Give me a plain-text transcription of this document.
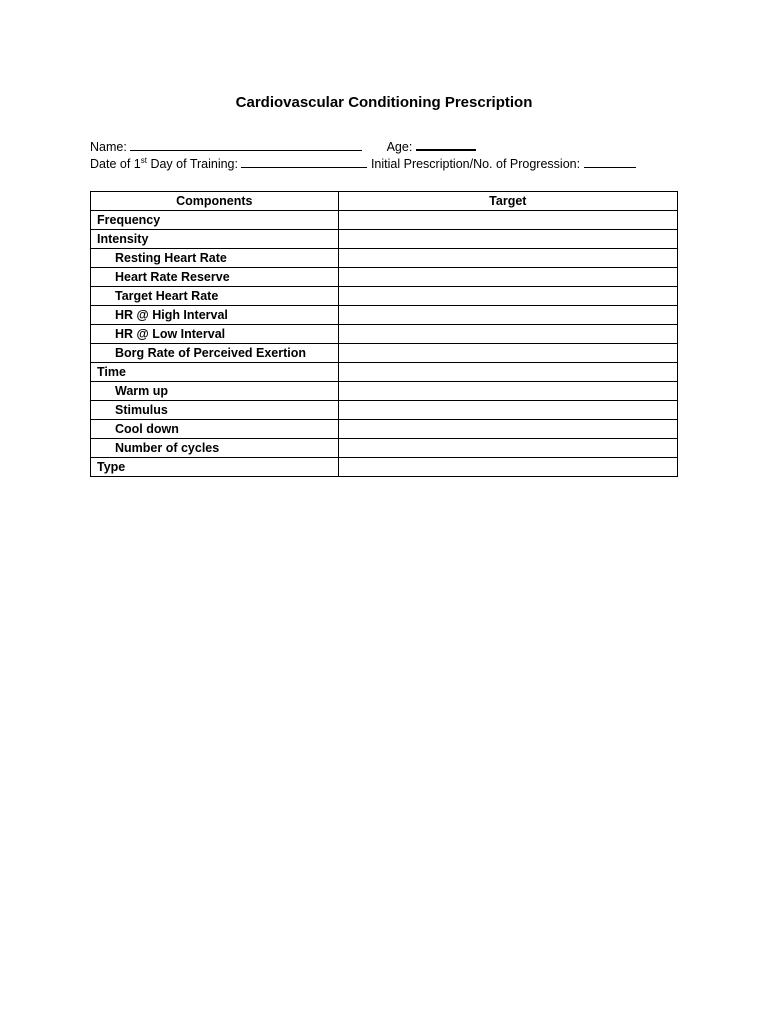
Cardiovascular Conditioning Prescription
Name:	Age:
Date of 1st Day of Training:	Initial Prescription/No. of Progression:
Components	Target
Frequency	
Intensity	
Resting Heart Rate	
Heart Rate Reserve	
Target Heart Rate	
HR @ High Interval	
HR @ Low Interval	
Borg Rate of Perceived Exertion	
Time	
Warm up	
Stimulus	
Cool down	
Number of cycles	
Type	
